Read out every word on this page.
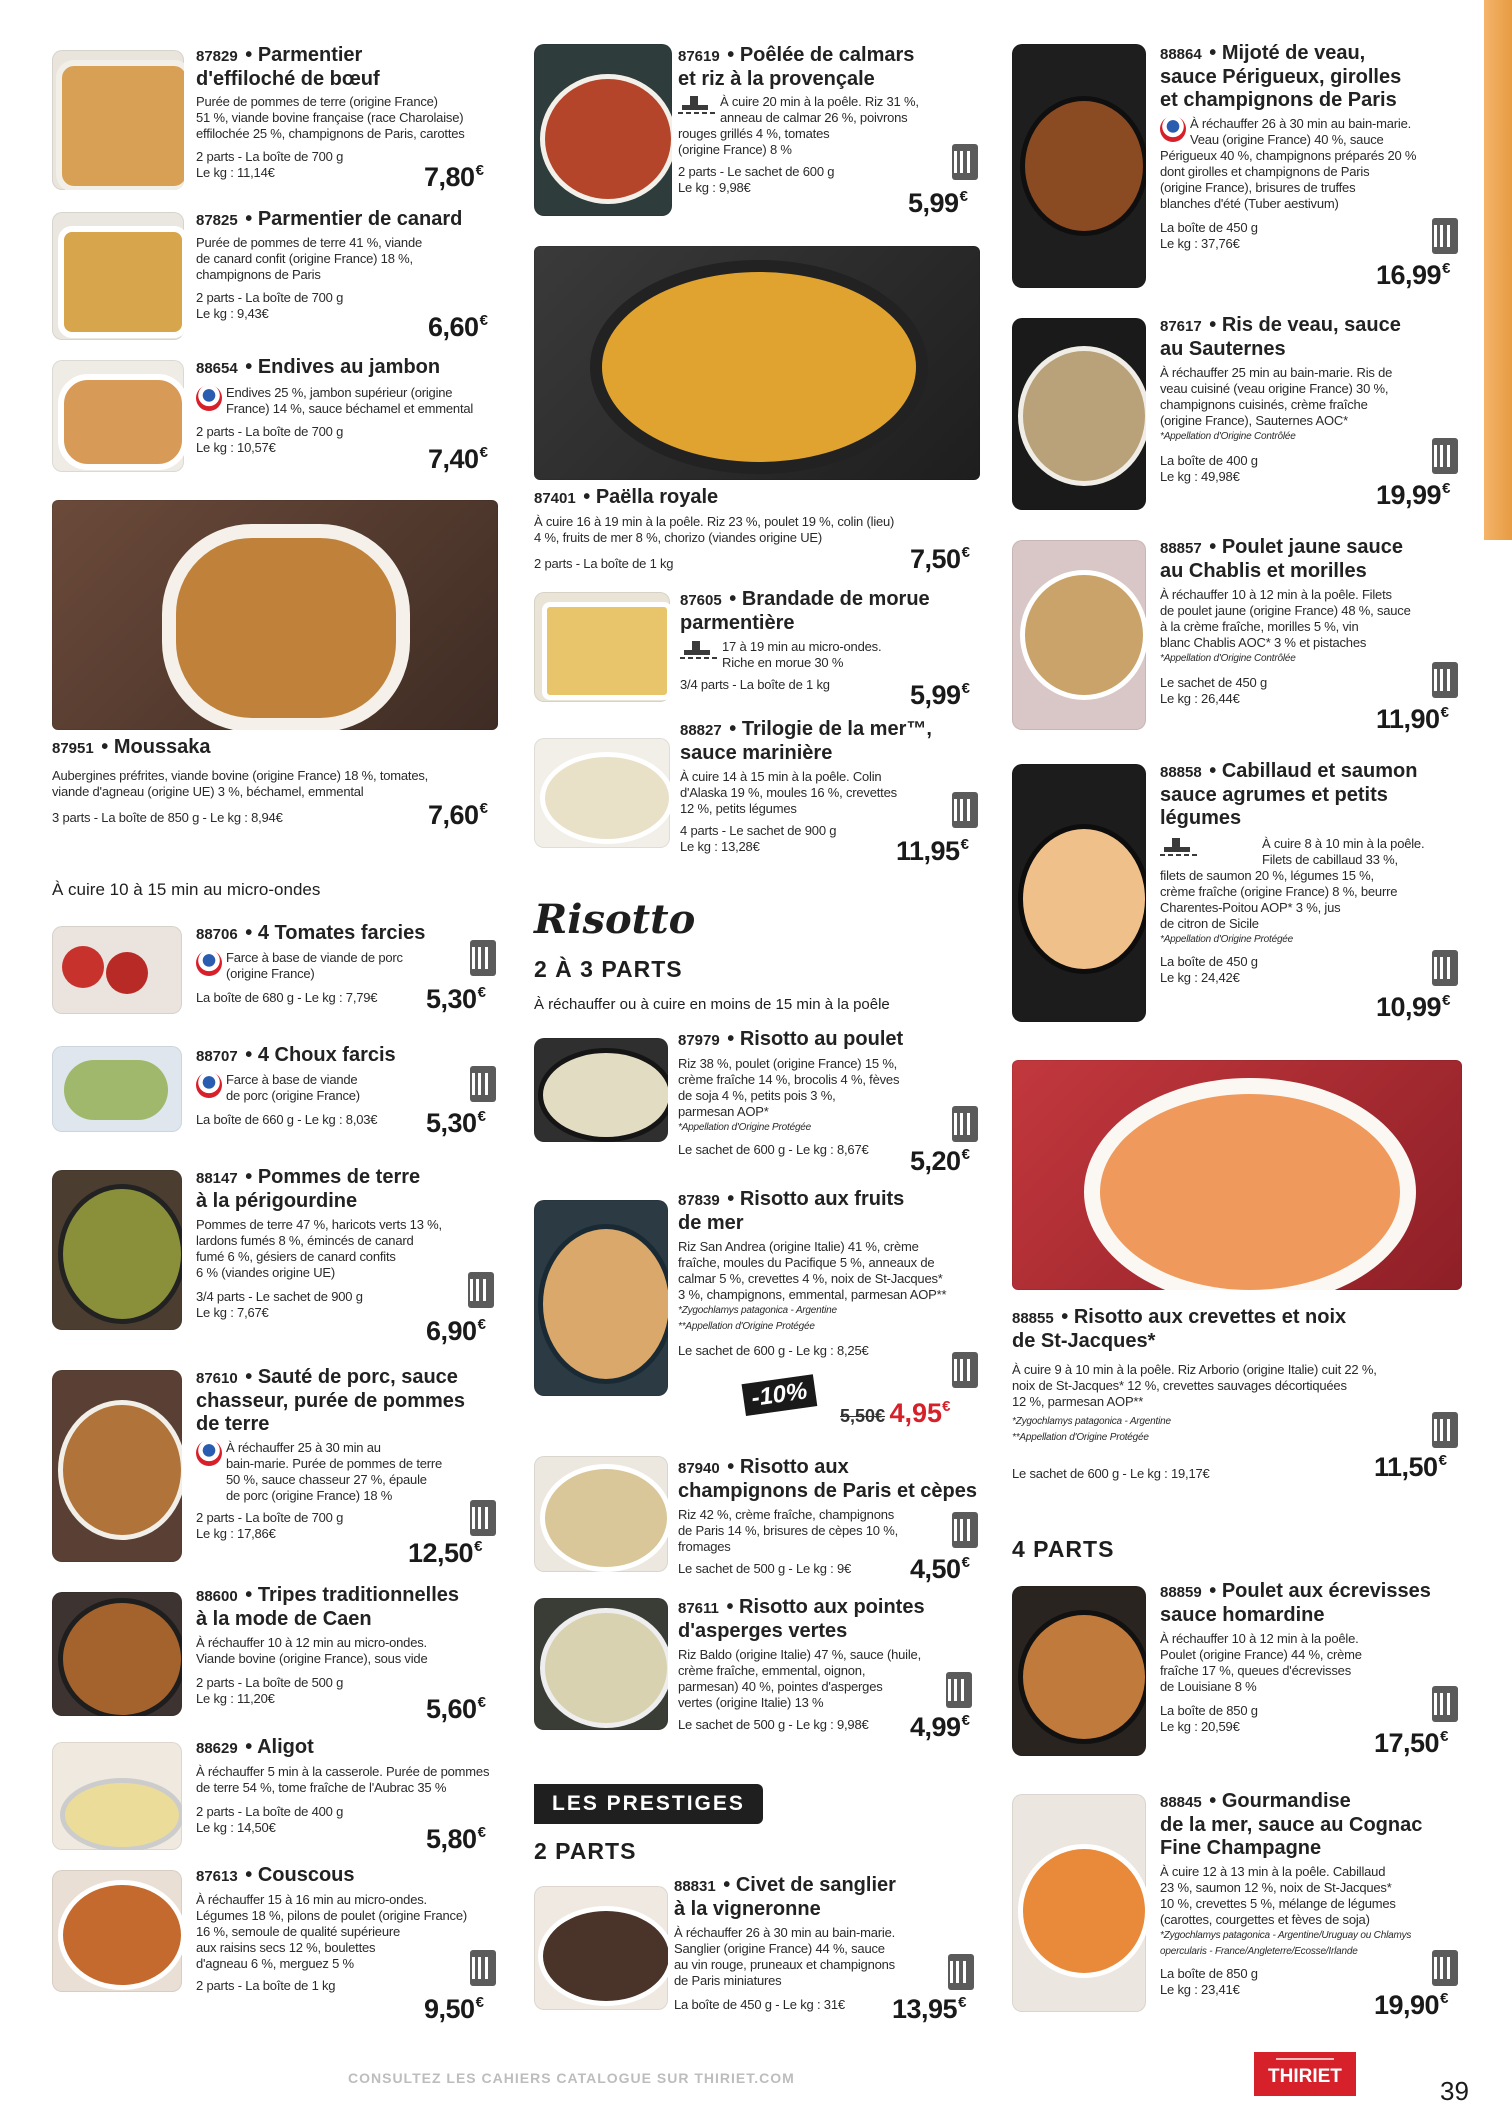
87829 • Parmentier
d'effiloché de bœuf
Purée de pommes de terre (origine France)
51 %, viande bovine française (race Charolaise)
effilochée 25 %, champignons de Paris, carottes
2 parts - La boîte de 700 g
Le kg : 11,14€	7,80€
87825 • Parmentier de canard
Purée de pommes de terre 41 %, viande
de canard confit (origine France) 18 %,
champignons de Paris
2 parts - La boîte de 700 g
Le kg : 9,43€	6,60€
88654 • Endives au jambon
Endives 25 %, jambon supérieur (origine
France) 14 %, sauce béchamel et emmental
2 parts - La boîte de 700 g
Le kg : 10,57€	7,40€
87951 • Moussaka
Aubergines préfrites, viande bovine (origine France) 18 %, tomates,
viande d'agneau (origine UE) 3 %, béchamel, emmental
3 parts - La boîte de 850 g - Le kg : 8,94€	7,60€
À cuire 10 à 15 min au micro-ondes
88706 • 4 Tomates farcies
Farce à base de viande de porc
(origine France)
La boîte de 680 g - Le kg : 7,79€	5,30€
88707 • 4 Choux farcis
Farce à base de viande
de porc (origine France)
La boîte de 660 g - Le kg : 8,03€	5,30€
88147 • Pommes de terre
à la périgourdine
Pommes de terre 47 %, haricots verts 13 %,
lardons fumés 8 %, émincés de canard
fumé 6 %, gésiers de canard confits
6 % (viandes origine UE)
3/4 parts - Le sachet de 900 g
Le kg : 7,67€
6,90€
87610 • Sauté de porc, sauce
chasseur, purée de pommes
de terre
À réchauffer 25 à 30 min au
bain-marie. Purée de pommes de terre
50 %, sauce chasseur 27 %, épaule
de porc (origine France) 18 %
2 parts - La boîte de 700 g
Le kg : 17,86€
12,50€
88600 • Tripes traditionnelles
à la mode de Caen
À réchauffer 10 à 12 min au micro-ondes.
Viande bovine (origine France), sous vide
2 parts - La boîte de 500 g
Le kg : 11,20€	5,60€
88629 • Aligot
À réchauffer 5 min à la casserole. Purée de pommes
de terre 54 %, tome fraîche de l'Aubrac 35 %
2 parts - La boîte de 400 g
Le kg : 14,50€	5,80€
87613 • Couscous
À réchauffer 15 à 16 min au micro-ondes.
Légumes 18 %, pilons de poulet (origine France)
16 %, semoule de qualité supérieure
aux raisins secs 12 %, boulettes
d'agneau 6 %, merguez 5 %
2 parts - La boîte de 1 kg
9,50€
87619 • Poêlée de calmars
et riz à la provençale
À cuire 20 min à la poêle. Riz 31 %,
anneau de calmar 26 %, poivrons
rouges grillés 4 %, tomates
(origine France) 8 %
2 parts - Le sachet de 600 g
Le kg : 9,98€
5,99€
87401 • Paëlla royale
À cuire 16 à 19 min à la poêle. Riz 23 %, poulet 19 %, colin (lieu)
4 %, fruits de mer 8 %, chorizo (viandes origine UE)
2 parts - La boîte de 1 kg	7,50€
87605 • Brandade de morue
parmentière
17 à 19 min au micro-ondes.
Riche en morue 30 %
3/4 parts - La boîte de 1 kg	5,99€
88827 • Trilogie de la mer™,
sauce marinière
À cuire 14 à 15 min à la poêle. Colin
d'Alaska 19 %, moules 16 %, crevettes
12 %, petits légumes
4 parts - Le sachet de 900 g
Le kg : 13,28€	11,95€
Risotto
2 À 3 PARTS
À réchauffer ou à cuire en moins de 15 min à la poêle
87979 • Risotto au poulet
Riz 38 %, poulet (origine France) 15 %,
crème fraîche 14 %, brocolis 4 %, fèves
de soja 4 %, petits pois 3 %,
parmesan AOP*
*Appellation d'Origine Protégée
Le sachet de 600 g - Le kg : 8,67€	5,20€
87839 • Risotto aux fruits
de mer
Riz San Andrea (origine Italie) 41 %, crème
fraîche, moules du Pacifique 5 %, anneaux de
calmar 5 %, crevettes 4 %, noix de St-Jacques*
3 %, champignons, emmental, parmesan AOP**
*Zygochlamys patagonica - Argentine
**Appellation d'Origine Protégée
Le sachet de 600 g - Le kg : 8,25€
-10%
5,50€ 4,95€
87940 • Risotto aux
champignons de Paris et cèpes
Riz 42 %, crème fraîche, champignons
de Paris 14 %, brisures de cèpes 10 %,
fromages
Le sachet de 500 g - Le kg : 9€	4,50€
87611 • Risotto aux pointes
d'asperges vertes
Riz Baldo (origine Italie) 47 %, sauce (huile,
crème fraîche, emmental, oignon,
parmesan) 40 %, pointes d'asperges
vertes (origine Italie) 13 %
Le sachet de 500 g - Le kg : 9,98€	4,99€
LES PRESTIGES
2 PARTS
88831 • Civet de sanglier
à la vigneronne
À réchauffer 26 à 30 min au bain-marie.
Sanglier (origine France) 44 %, sauce
au vin rouge, pruneaux et champignons
de Paris miniatures
La boîte de 450 g - Le kg : 31€	13,95€
88864 • Mijoté de veau,
sauce Périgueux, girolles
et champignons de Paris
À réchauffer 26 à 30 min au bain-marie.
Veau (origine France) 40 %, sauce
Périgueux 40 %, champignons préparés 20 %
dont girolles et champignons de Paris
(origine France), brisures de truffes
blanches d'été (Tuber aestivum)
La boîte de 450 g
Le kg : 37,76€
16,99€
87617 • Ris de veau, sauce
au Sauternes
À réchauffer 25 min au bain-marie. Ris de
veau cuisiné (veau origine France) 30 %,
champignons cuisinés, crème fraîche
(origine France), Sauternes AOC*
*Appellation d'Origine Contrôlée
La boîte de 400 g
Le kg : 49,98€
19,99€
88857 • Poulet jaune sauce
au Chablis et morilles
À réchauffer 10 à 12 min à la poêle. Filets
de poulet jaune (origine France) 48 %, sauce
à la crème fraîche, morilles 5 %, vin
blanc Chablis AOC* 3 % et pistaches
*Appellation d'Origine Contrôlée
Le sachet de 450 g
Le kg : 26,44€
11,90€
88858 • Cabillaud et saumon
sauce agrumes et petits
légumes
À cuire 8 à 10 min à la poêle.
Filets de cabillaud 33 %,
filets de saumon 20 %, légumes 15 %,
crème fraîche (origine France) 8 %, beurre
Charentes-Poitou AOP* 3 %, jus
de citron de Sicile
*Appellation d'Origine Protégée
La boîte de 450 g
Le kg : 24,42€
10,99€
88855 • Risotto aux crevettes et noix
de St-Jacques*
À cuire 9 à 10 min à la poêle. Riz Arborio (origine Italie) cuit 22 %,
noix de St-Jacques* 12 %, crevettes sauvages décortiquées
12 %, parmesan AOP**
*Zygochlamys patagonica - Argentine
**Appellation d'Origine Protégée
Le sachet de 600 g - Le kg : 19,17€	11,50€
4 PARTS
88859 • Poulet aux écrevisses
sauce homardine
À réchauffer 10 à 12 min à la poêle.
Poulet (origine France) 44 %, crème
fraîche 17 %, queues d'écrevisses
de Louisiane 8 %
La boîte de 850 g
Le kg : 20,59€
17,50€
88845 • Gourmandise
de la mer, sauce au Cognac
Fine Champagne
À cuire 12 à 13 min à la poêle. Cabillaud
23 %, saumon 12 %, noix de St-Jacques*
10 %, crevettes 5 %, mélange de légumes
(carottes, courgettes et fèves de soja)
*Zygochlamys patagonica - Argentine/Uruguay ou Chlamys
opercularis - France/Angleterre/Ecosse/Irlande
La boîte de 850 g
Le kg : 23,41€
19,90€
CONSULTEZ LES CAHIERS CATALOGUE SUR THIRIET.COM	THIRIET	39
